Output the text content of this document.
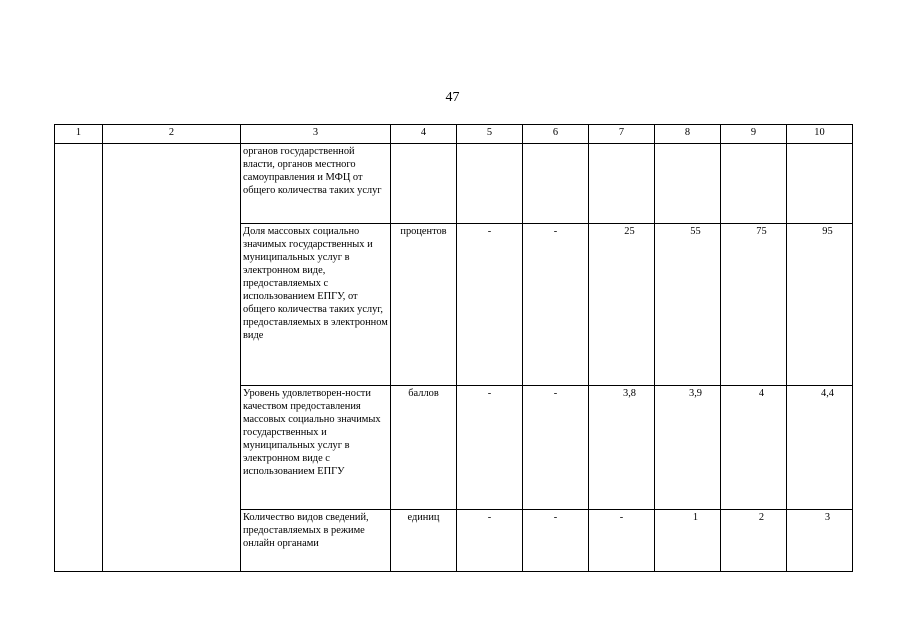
47
1	2	3	4	5	6	7	8	9	10
		органов государственной власти, органов местного самоуправления и МФЦ от общего количества таких услуг							
		Доля массовых социально значимых государственных и муниципальных услуг в электронном виде, предоставляемых с использованием ЕПГУ, от общего количества таких услуг, предоставляемых в электронном виде	процентов	-	-	25	55	75	95
		Уровень удовлетворен-ности качеством предоставления массовых социально значимых государственных и муниципальных услуг в электронном виде с использованием ЕПГУ	баллов	-	-	3,8	3,9	4	4,4
		Количество видов сведений, предоставляемых в режиме онлайн органами	единиц	-	-	-	1	2	3
